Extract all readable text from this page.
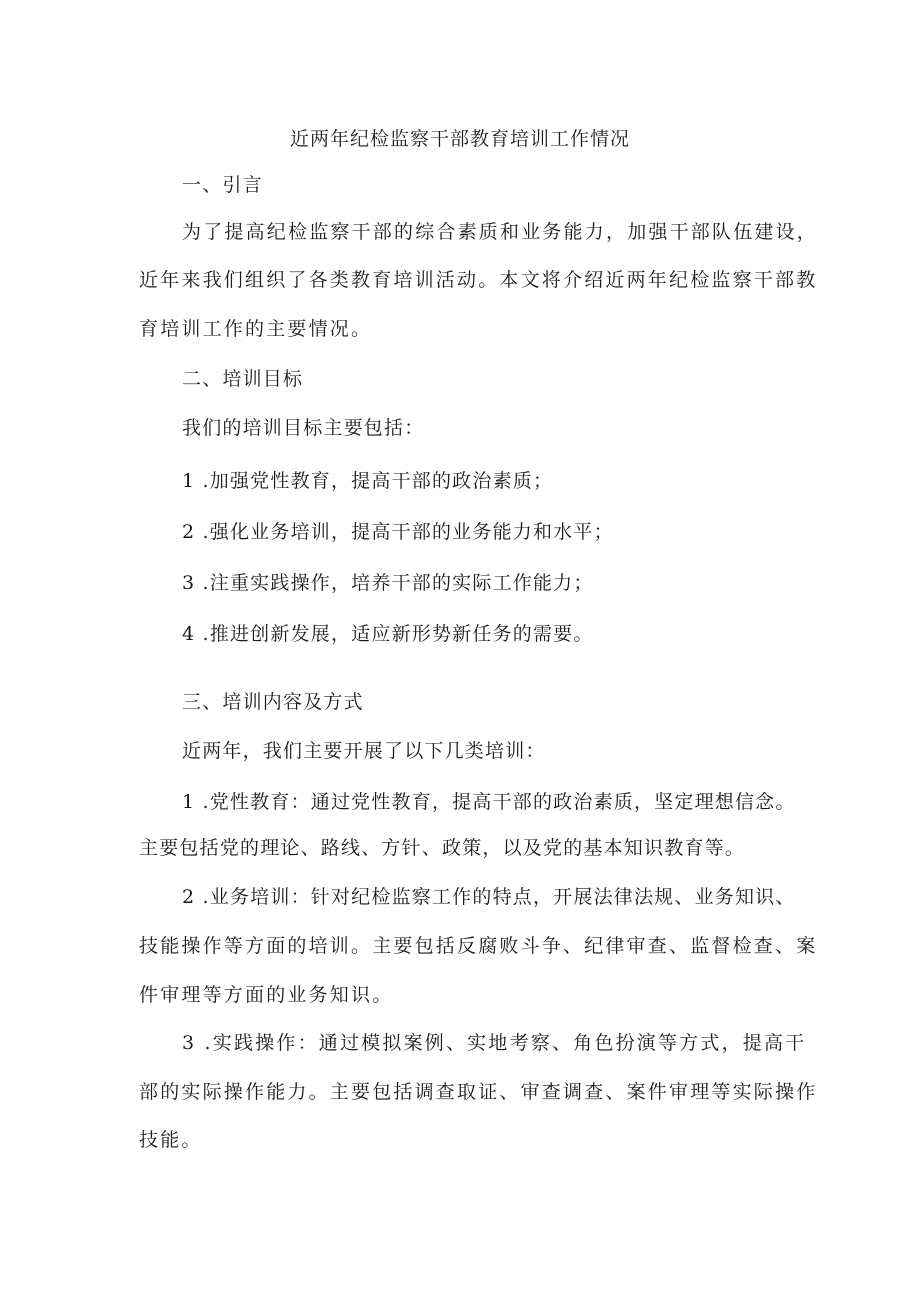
近两年纪检监察干部教育培训工作情况
一、引言
为了提高纪检监察干部的综合素质和业务能力，加强干部队伍建设，
近年来我们组织了各类教育培训活动。本文将介绍近两年纪检监察干部教
育培训工作的主要情况。
二、培训目标
我们的培训目标主要包括：
1 .加强党性教育，提高干部的政治素质；
2 .强化业务培训，提高干部的业务能力和水平；
3 .注重实践操作，培养干部的实际工作能力；
4 .推进创新发展，适应新形势新任务的需要。
三、培训内容及方式
近两年，我们主要开展了以下几类培训：
1 .党性教育：通过党性教育，提高干部的政治素质，坚定理想信念。
主要包括党的理论、路线、方针、政策，以及党的基本知识教育等。
2 .业务培训：针对纪检监察工作的特点，开展法律法规、业务知识、
技能操作等方面的培训。主要包括反腐败斗争、纪律审查、监督检查、案
件审理等方面的业务知识。
3 .实践操作：通过模拟案例、实地考察、角色扮演等方式，提高干
部的实际操作能力。主要包括调查取证、审查调查、案件审理等实际操作
技能。
